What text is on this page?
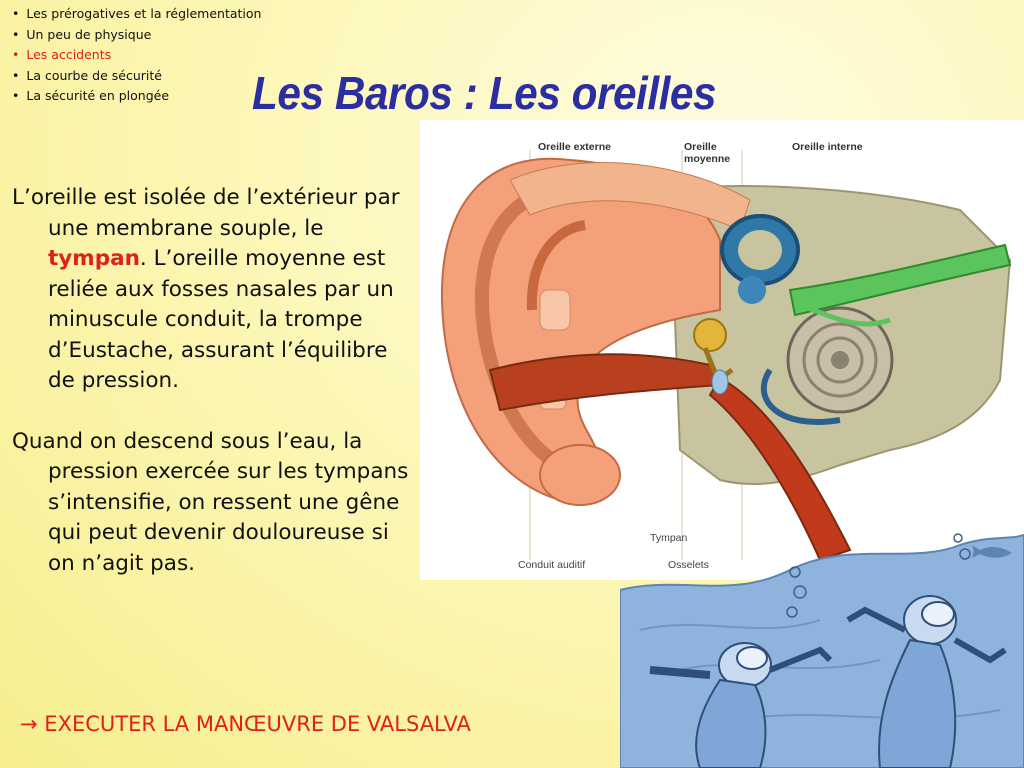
• Les prérogatives et la réglementation
• Un peu de physique
• Les accidents
• La courbe de sécurité
• La sécurité en plongée	Les Baros : Les oreilles

L’oreille est isolée de l’extérieur par une membrane souple, le tympan. L’oreille moyenne est reliée aux fosses nasales par un minuscule conduit, la trompe d’Eustache, assurant l’équilibre de pression.

Quand on descend sous l’eau, la pression exercée sur les tympans s’intensifie, on ressent une gêne qui peut devenir douloureuse si on n’agit pas.

→ EXECUTER LA MANŒUVRE DE VALSALVA
Oreille externe	Oreille
moyenne
Oreille interne
Tympan
Conduit auditif	Osselets
